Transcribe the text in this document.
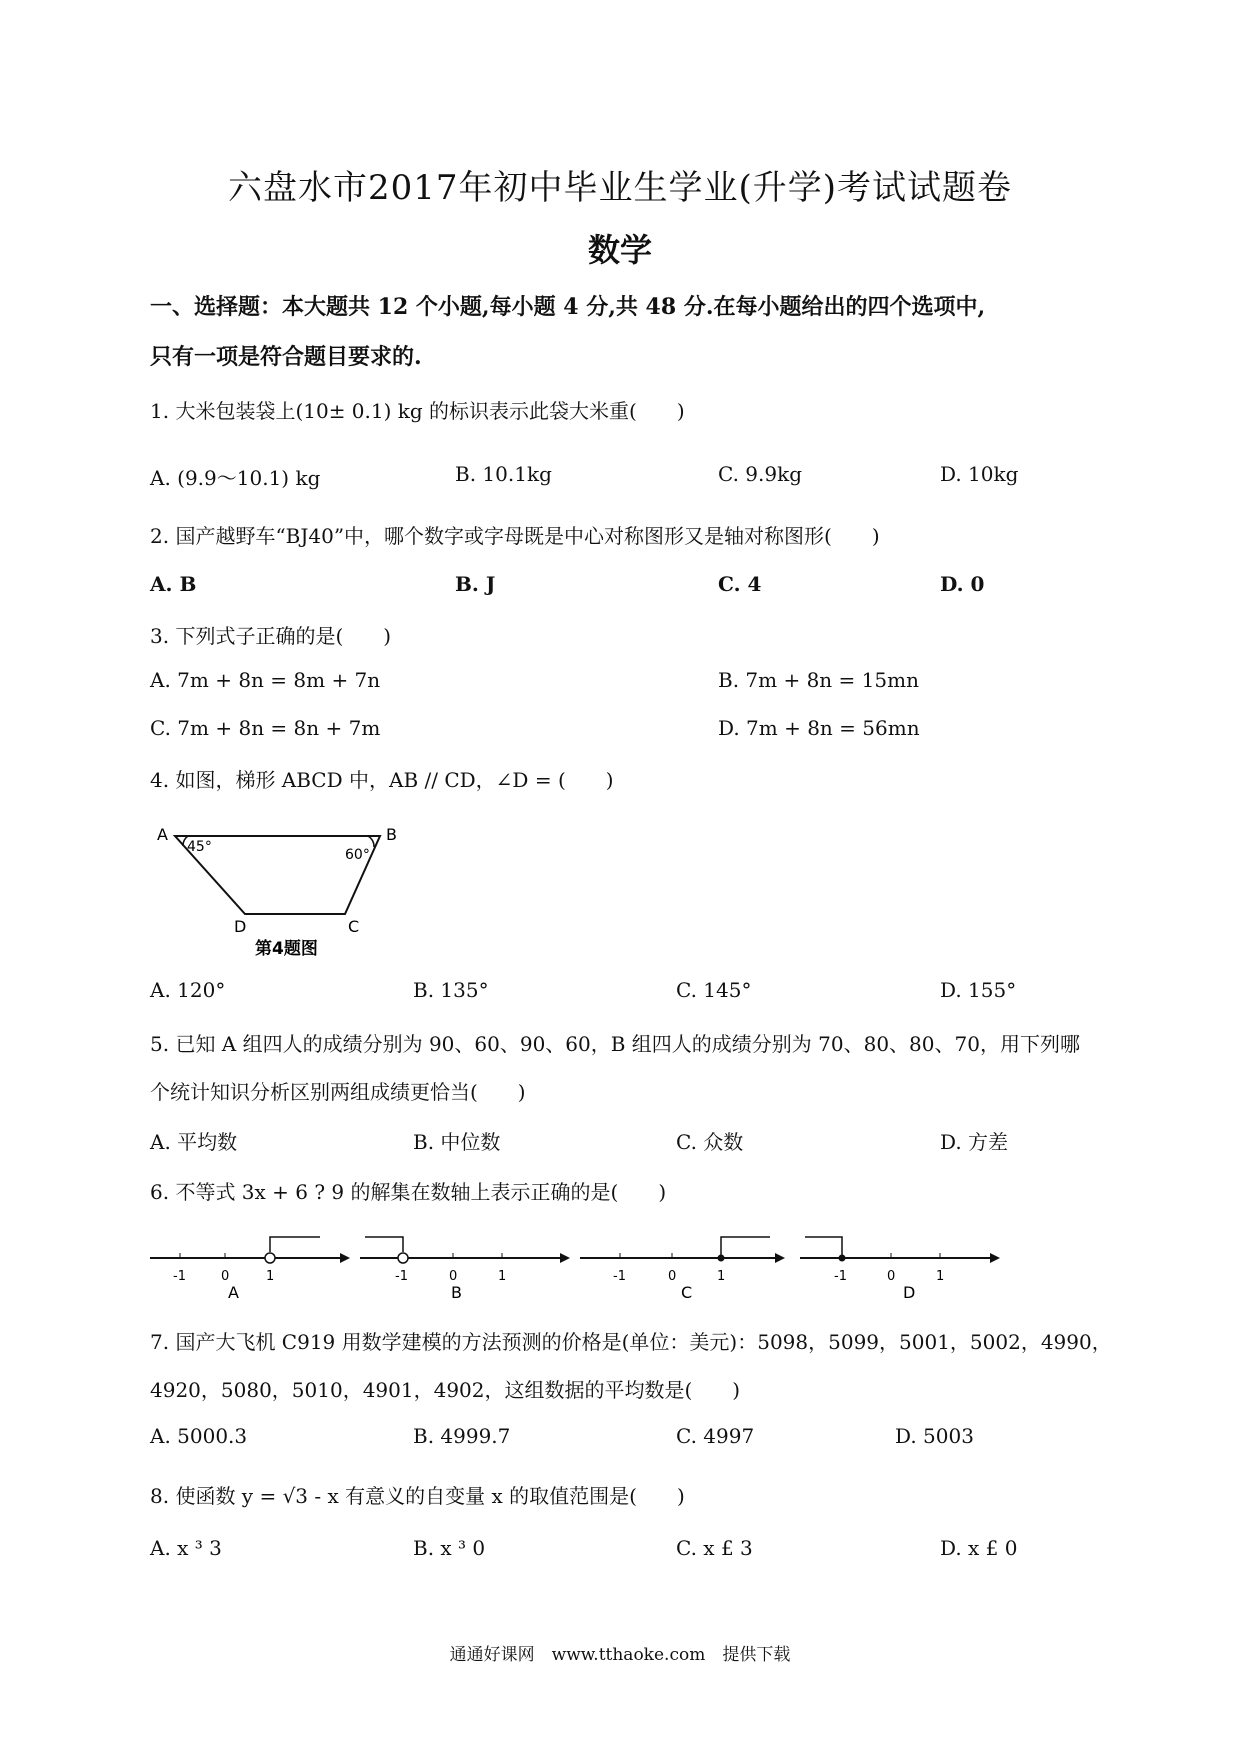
六盘水市2017年初中毕业生学业(升学)考试试题卷
数学
一、选择题：本大题共 12 个小题,每小题 4 分,共 48 分.在每小题给出的四个选项中,
只有一项是符合题目要求的.
1. 大米包装袋上(10± 0.1) kg 的标识表示此袋大米重(　　)
A. (9.9～10.1) kg	B. 10.1kg	C. 9.9kg	D. 10kg
2. 国产越野车“BJ40”中，哪个数字或字母既是中心对称图形又是轴对称图形(　　)
A. B	B. J	C. 4	D. 0
3. 下列式子正确的是(　　)
A. 7m + 8n = 8m + 7n	B. 7m + 8n = 15mn
C. 7m + 8n = 8n + 7m	D. 7m + 8n = 56mn
4. 如图，梯形 ABCD 中，AB // CD，∠D = (　　)
A	B
C
D
45°	60°
第4题图
A. 120°	B. 135°	C. 145°	D. 155°
5. 已知 A 组四人的成绩分别为 90、60、90、60，B 组四人的成绩分别为 70、80、80、70，用下列哪
个统计知识分析区别两组成绩更恰当(　　)
A. 平均数	B. 中位数	C. 众数	D. 方差
6. 不等式 3x + 6 ? 9 的解集在数轴上表示正确的是(　　)
-1	0	1
A
-1	0	1
B
-1	0	1
C
-1	0	1
D
7. 国产大飞机 C919 用数学建模的方法预测的价格是(单位：美元)：5098，5099，5001，5002，4990，
4920，5080，5010，4901，4902，这组数据的平均数是(　　)
A. 5000.3	B. 4999.7	C. 4997	D. 5003
8. 使函数 y = √3 - x 有意义的自变量 x 的取值范围是(　　)
A. x ³ 3	B. x ³ 0	C. x £ 3	D. x £ 0
通通好课网　www.tthaoke.com　提供下载
